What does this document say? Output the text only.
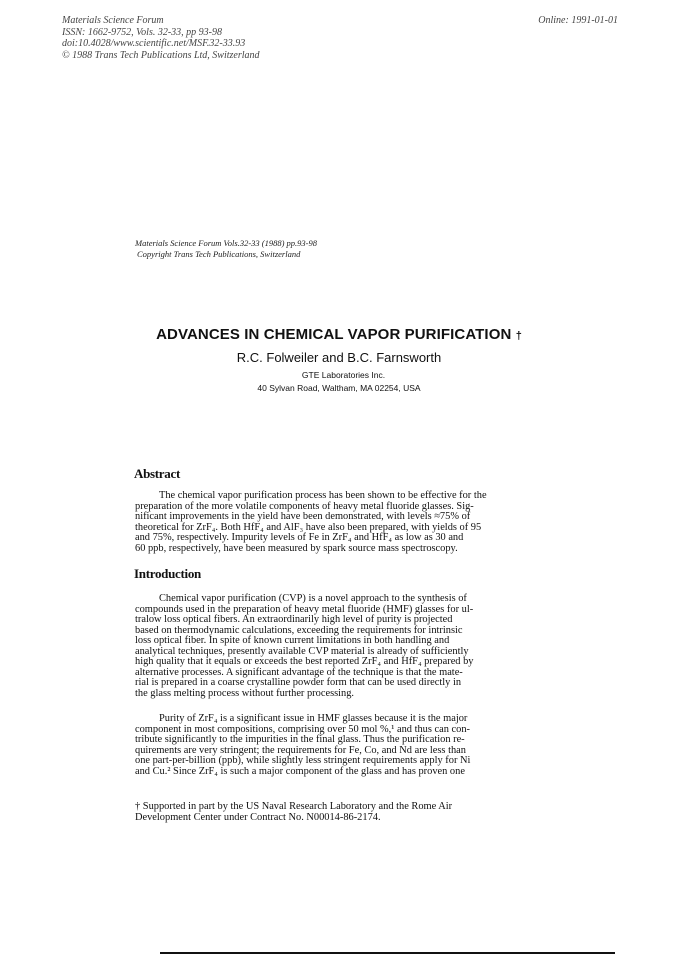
Materials Science Forum
ISSN: 1662-9752, Vols. 32-33, pp 93-98
doi:10.4028/www.scientific.net/MSF.32-33.93
© 1988 Trans Tech Publications Ltd, Switzerland
Online: 1991-01-01
Materials Science Forum Vols.32-33 (1988) pp.93-98
Copyright Trans Tech Publications, Switzerland
ADVANCES IN CHEMICAL VAPOR PURIFICATION †
R.C. Folweiler and B.C. Farnsworth
GTE Laboratories Inc.
40 Sylvan Road, Waltham, MA 02254, USA
Abstract
The chemical vapor purification process has been shown to be effective for the
preparation of the more volatile components of heavy metal fluoride glasses. Sig-
nificant improvements in the yield have been demonstrated, with levels ≈75% of
theoretical for ZrF₄. Both HfF₄ and AlF₃ have also been prepared, with yields of 95
and 75%, respectively. Impurity levels of Fe in ZrF₄ and HfF₄ as low as 30 and
60 ppb, respectively, have been measured by spark source mass spectroscopy.
Introduction
Chemical vapor purification (CVP) is a novel approach to the synthesis of
compounds used in the preparation of heavy metal fluoride (HMF) glasses for ul-
tralow loss optical fibers. An extraordinarily high level of purity is projected
based on thermodynamic calculations, exceeding the requirements for intrinsic
loss optical fiber. In spite of known current limitations in both handling and
analytical techniques, presently available CVP material is already of sufficiently
high quality that it equals or exceeds the best reported ZrF₄ and HfF₄ prepared by
alternative processes. A significant advantage of the technique is that the mate-
rial is prepared in a coarse crystalline powder form that can be used directly in
the glass melting process without further processing.
Purity of ZrF₄ is a significant issue in HMF glasses because it is the major
component in most compositions, comprising over 50 mol %,¹ and thus can con-
tribute significantly to the impurities in the final glass. Thus the purification re-
quirements are very stringent; the requirements for Fe, Co, and Nd are less than
one part-per-billion (ppb), while slightly less stringent requirements apply for Ni
and Cu.² Since ZrF₄ is such a major component of the glass and has proven one
† Supported in part by the US Naval Research Laboratory and the Rome Air
Development Center under Contract No. N00014-86-2174.
